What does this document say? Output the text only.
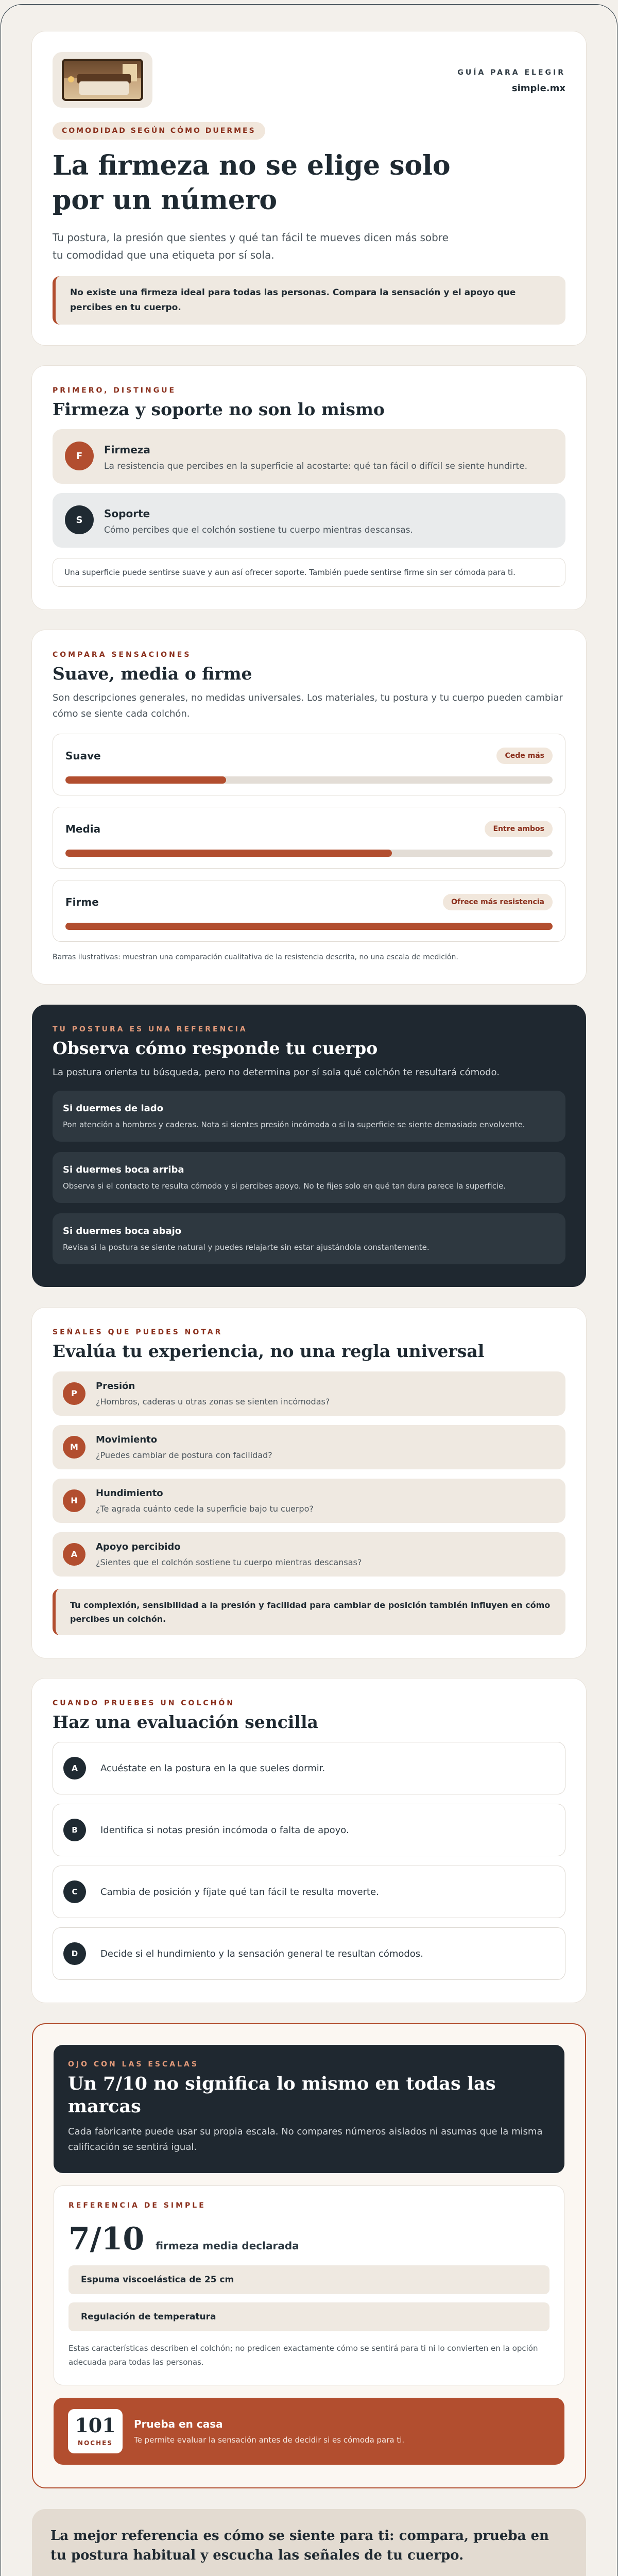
GUÍA PARA ELEGIR
simple.mx
COMODIDAD SEGÚN CÓMO DUERMES
La firmeza no se elige solo por un número

Tu postura, la presión que sientes y qué tan fácil te mueves dicen más sobre tu comodidad que una etiqueta por sí sola.

No existe una firmeza ideal para todas las personas. Compara la sensación y el apoyo que percibes en tu cuerpo.
PRIMERO, DISTINGUE
Firmeza y soporte no son lo mismo
F	Firmeza
La resistencia que percibes en la superficie al acostarte: qué tan fácil o difícil se siente hundirte.
S	Soporte
Cómo percibes que el colchón sostiene tu cuerpo mientras descansas.
Una superficie puede sentirse suave y aun así ofrecer soporte. También puede sentirse firme sin ser cómoda para ti.
COMPARA SENSACIONES
Suave, media o firme

Son descripciones generales, no medidas universales. Los materiales, tu postura y tu cuerpo pueden cambiar cómo se siente cada colchón.

Suave	Cede más
Media	Entre ambos
Firme	Ofrece más resistencia
Barras ilustrativas: muestran una comparación cualitativa de la resistencia descrita, no una escala de medición.
TU POSTURA ES UNA REFERENCIA
Observa cómo responde tu cuerpo

La postura orienta tu búsqueda, pero no determina por sí sola qué colchón te resultará cómodo.

Si duermes de lado
Pon atención a hombros y caderas. Nota si sientes presión incómoda o si la superficie se siente demasiado envolvente.
Si duermes boca arriba
Observa si el contacto te resulta cómodo y si percibes apoyo. No te fijes solo en qué tan dura parece la superficie.
Si duermes boca abajo
Revisa si la postura se siente natural y puedes relajarte sin estar ajustándola constantemente.
SEÑALES QUE PUEDES NOTAR
Evalúa tu experiencia, no una regla universal
P
Presión
¿Hombros, caderas u otras zonas se sienten incómodas?
M
Movimiento
¿Puedes cambiar de postura con facilidad?
H
Hundimiento
¿Te agrada cuánto cede la superficie bajo tu cuerpo?
A
Apoyo percibido
¿Sientes que el colchón sostiene tu cuerpo mientras descansas?
Tu complexión, sensibilidad a la presión y facilidad para cambiar de posición también influyen en cómo percibes un colchón.
CUANDO PRUEBES UN COLCHÓN
Haz una evaluación sencilla
A	Acuéstate en la postura en la que sueles dormir.
B	Identifica si notas presión incómoda o falta de apoyo.
C	Cambia de posición y fíjate qué tan fácil te resulta moverte.
D	Decide si el hundimiento y la sensación general te resultan cómodos.
OJO CON LAS ESCALAS
Un 7/10 no significa lo mismo en todas las marcas

Cada fabricante puede usar su propia escala. No compares números aislados ni asumas que la misma calificación se sentirá igual.

REFERENCIA DE SIMPLE
7/10 firmeza media declarada
Espuma viscoelástica de 25 cm
Regulación de temperatura
Estas características describen el colchón; no predicen exactamente cómo se sentirá para ti ni lo convierten en la opción adecuada para todas las personas.
101
NOCHES
Prueba en casa
Te permite evaluar la sensación antes de decidir si es cómoda para ti.
La mejor referencia es cómo se siente para ti: compara, prueba en tu postura habitual y escucha las señales de tu cuerpo.
